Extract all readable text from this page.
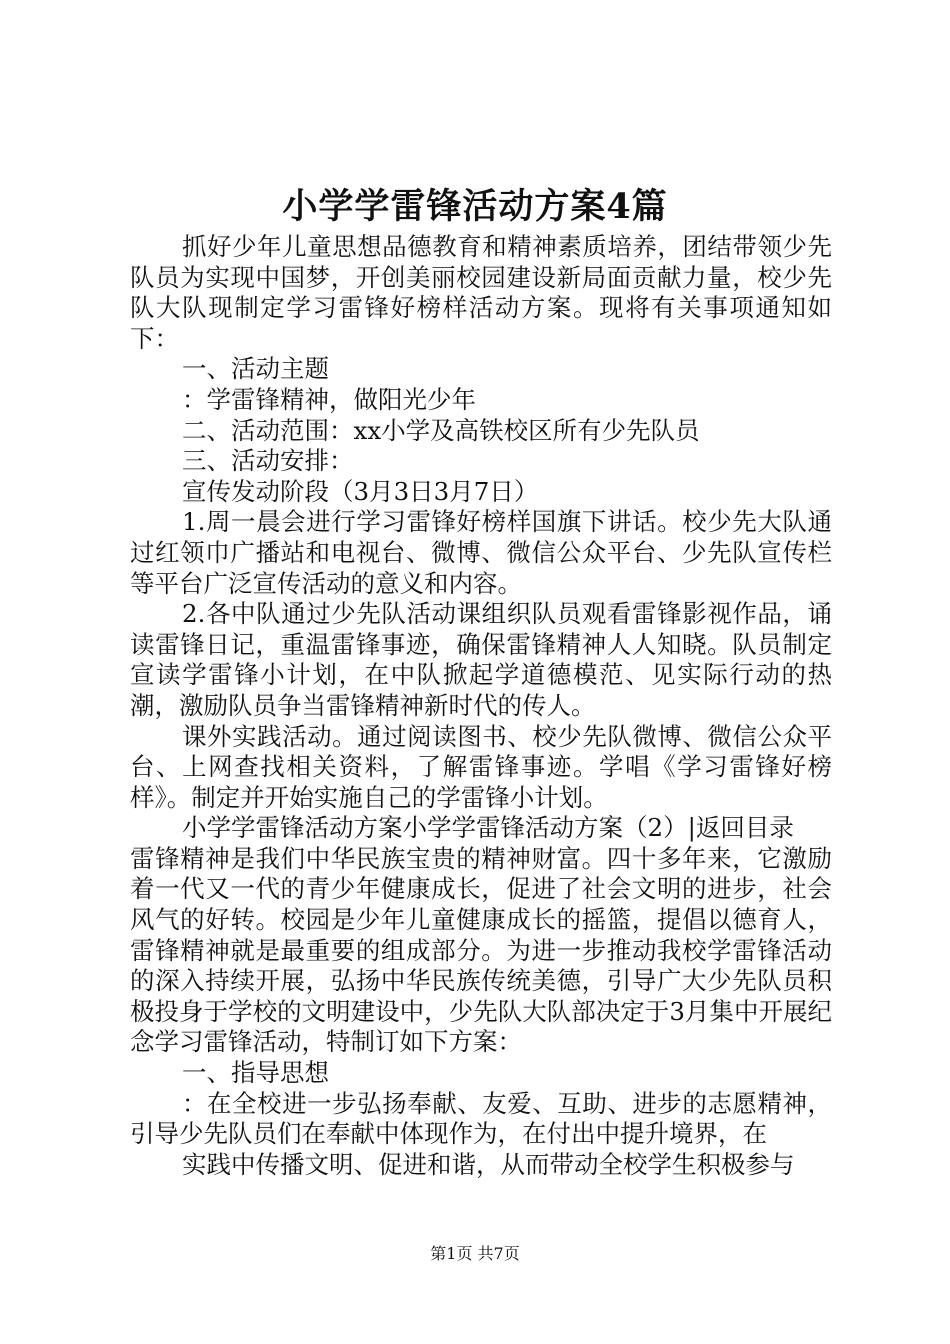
小学学雷锋活动方案4篇

抓好少年儿童思想品德教育和精神素质培养，团结带领少先队员为实现中国梦，开创美丽校园建设新局面贡献力量，校少先队大队现制定学习雷锋好榜样活动方案。现将有关事项通知如下：

一、活动主题

：学雷锋精神，做阳光少年

二、活动范围：xx小学及高铁校区所有少先队员

三、活动安排：

宣传发动阶段（3月3日3月7日）

1.周一晨会进行学习雷锋好榜样国旗下讲话。校少先大队通过红领巾广播站和电视台、微博、微信公众平台、少先队宣传栏等平台广泛宣传活动的意义和内容。

2.各中队通过少先队活动课组织队员观看雷锋影视作品，诵读雷锋日记，重温雷锋事迹，确保雷锋精神人人知晓。队员制定宣读学雷锋小计划，在中队掀起学道德模范、见实际行动的热潮，激励队员争当雷锋精神新时代的传人。

课外实践活动。通过阅读图书、校少先队微博、微信公众平台、上网查找相关资料，了解雷锋事迹。学唱《学习雷锋好榜样》。制定并开始实施自己的学雷锋小计划。

小学学雷锋活动方案小学学雷锋活动方案（2）|返回目录

雷锋精神是我们中华民族宝贵的精神财富。四十多年来，它激励着一代又一代的青少年健康成长，促进了社会文明的进步，社会风气的好转。校园是少年儿童健康成长的摇篮，提倡以德育人，雷锋精神就是最重要的组成部分。为进一步推动我校学雷锋活动的深入持续开展，弘扬中华民族传统美德，引导广大少先队员积极投身于学校的文明建设中，少先队大队部决定于3月集中开展纪念学习雷锋活动，特制订如下方案：

一、指导思想

：在全校进一步弘扬奉献、友爱、互助、进步的志愿精神，引导少先队员们在奉献中体现作为，在付出中提升境界，在

实践中传播文明、促进和谐，从而带动全校学生积极参与

第1页 共7页
